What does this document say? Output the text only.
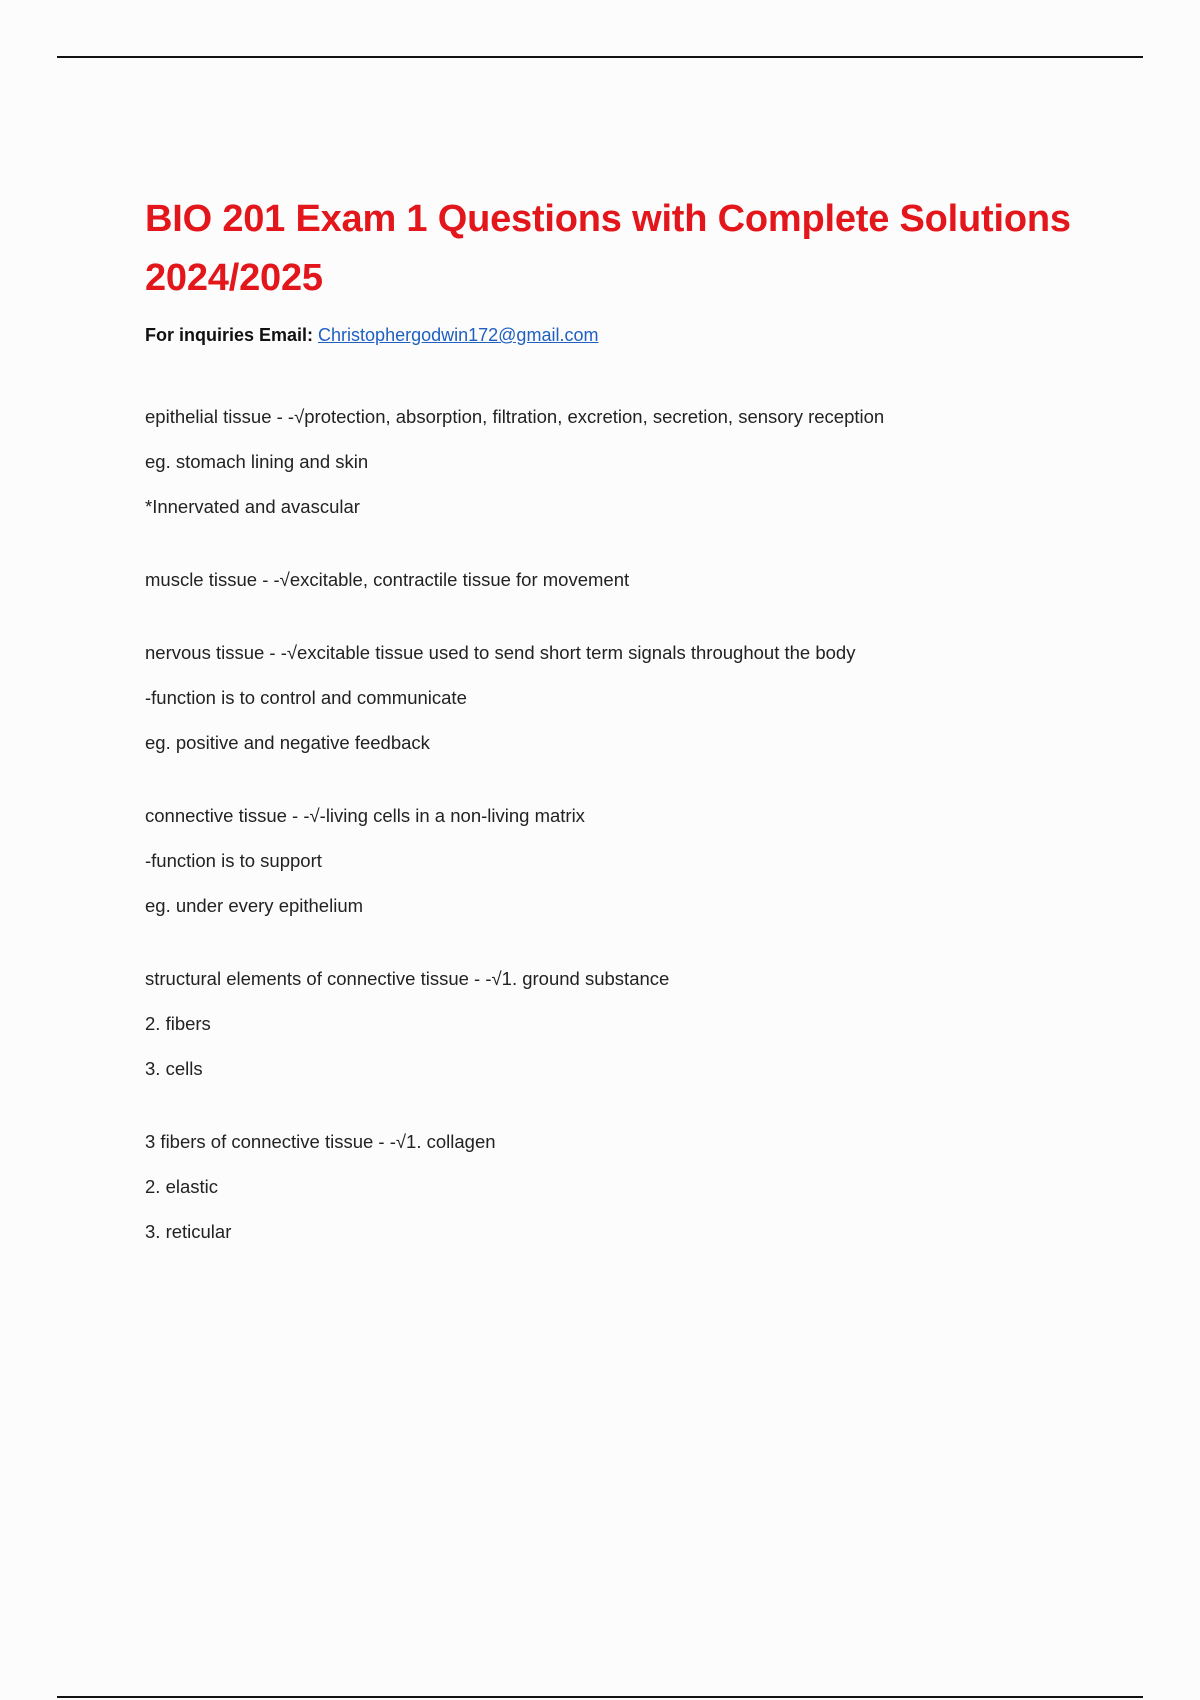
BIO 201 Exam 1 Questions with Complete Solutions 2024/2025
For inquiries Email: Christophergodwin172@gmail.com
epithelial tissue - -√protection, absorption, filtration, excretion, secretion, sensory reception
eg. stomach lining and skin
*Innervated and avascular
muscle tissue - -√excitable, contractile tissue for movement
nervous tissue - -√excitable tissue used to send short term signals throughout the body
-function is to control and communicate
eg. positive and negative feedback
connective tissue - -√-living cells in a non-living matrix
-function is to support
eg. under every epithelium
structural elements of connective tissue - -√1. ground substance
2. fibers
3. cells
3 fibers of connective tissue - -√1. collagen
2. elastic
3. reticular
